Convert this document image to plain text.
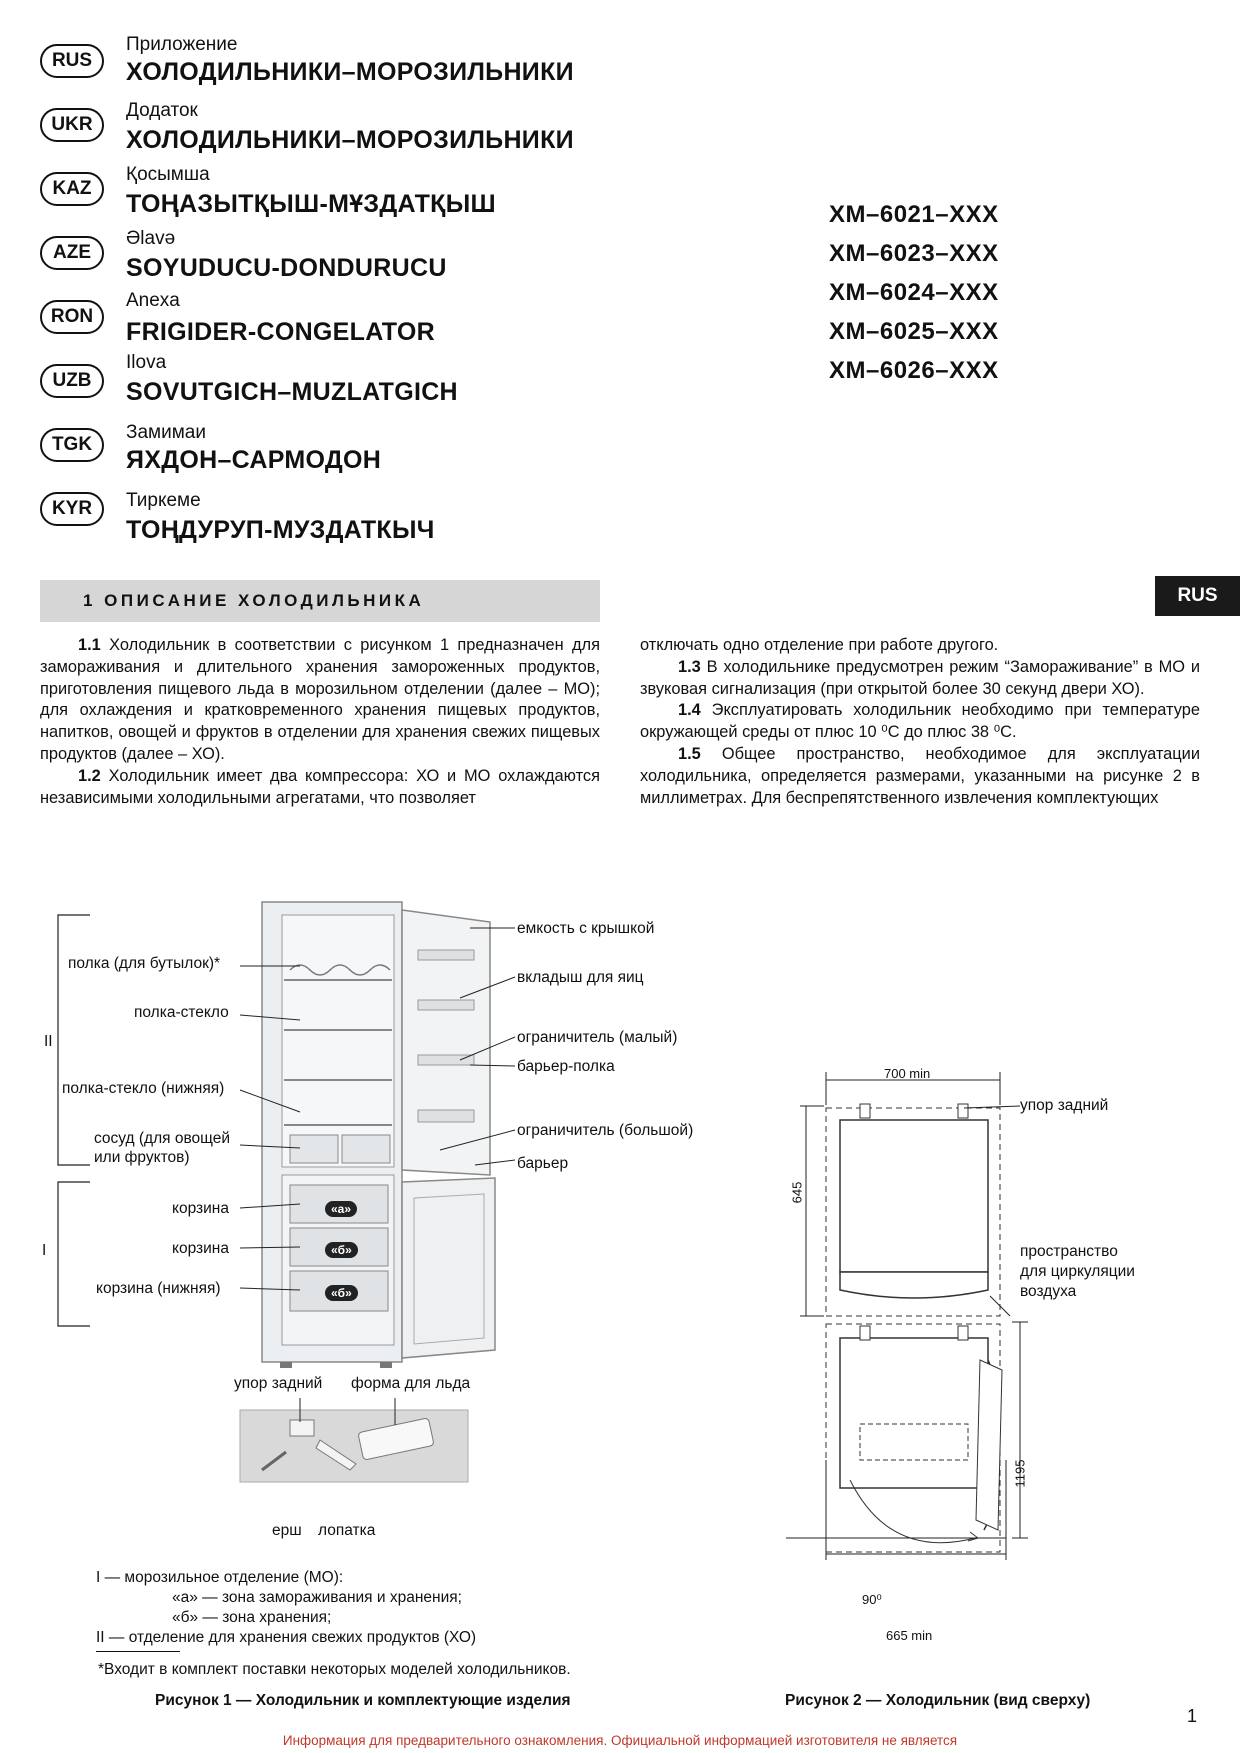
RUS
Приложение
ХОЛОДИЛЬНИКИ–МОРОЗИЛЬНИКИ
UKR
Додаток
ХОЛОДИЛЬНИКИ–МОРОЗИЛЬНИКИ
KAZ
Қосымша
ТОҢАЗЫТҚЫШ-МҰЗДАТҚЫШ
AZE
Əlavə
SOYUDUCU-DONDURUCU
RON
Anexa
FRIGIDER-CONGELATOR
UZB
Ilova
SOVUTGICH–MUZLATGICH
TGK
Замимаи
ЯХДОН–САРМОДОН
KYR	Тиркеме
ТОҢДУРУП-МУЗДАТКЫЧ
ХМ–6021–ХХХ
ХМ–6023–ХХХ
ХМ–6024–ХХХ
ХМ–6025–ХХХ
ХМ–6026–ХХХ
1 ОПИСАНИЕ ХОЛОДИЛЬНИКА	RUS

1.1 Холодильник в соответствии с рисунком 1 предназначен для замораживания и длительного хранения замороженных продуктов, приготовления пищевого льда в морозильном отделении (далее – МО); для охлаждения и кратковременного хранения пищевых продуктов, напитков, овощей и фруктов в отделении для хранения свежих пищевых продуктов (далее – ХО).

1.2 Холодильник имеет два компрессора: ХО и МО охлаждаются независимыми холодильными агрегатами, что позволяет

отключать одно отделение при работе другого.

1.3 В холодильнике предусмотрен режим “Замораживание” в МО и звуковая сигнализация (при открытой более 30 секунд двери ХО).

1.4 Эксплуатировать холодильник необходимо при температуре окружающей среды от плюс 10 ⁰С до плюс 38 ⁰С.

1.5 Общее пространство, необходимое для эксплуатации холодильника, определяется размерами, указанными на рисунке 2 в миллиметрах. Для беспрепятственного извлечения комплектующих

II
I
полка (для бутылок)*
полка-стекло
полка-стекло (нижняя)
сосуд (для овощей
или фруктов)
корзина
корзина
корзина (нижняя)
«а»
«б»
«б»
емкость с крышкой
вкладыш для яиц
ограничитель (малый)
барьер-полка
ограничитель (большой)
барьер
упор задний форма для льда
ерш лопатка
I — морозильное отделение (МО):
«а» — зона замораживания и хранения;
«б» — зона хранения;
II — отделение для хранения свежих продуктов (ХО)
*Входит в комплект поставки некоторых моделей холодильников.
Рисунок 1 — Холодильник и комплектующие изделия
700 min
645
упор задний
пространство
для циркуляции
воздуха
1195
90⁰
665 min
Рисунок 2 — Холодильник (вид сверху)
1
Информация для предварительного ознакомления. Официальной информацией изготовителя не является
